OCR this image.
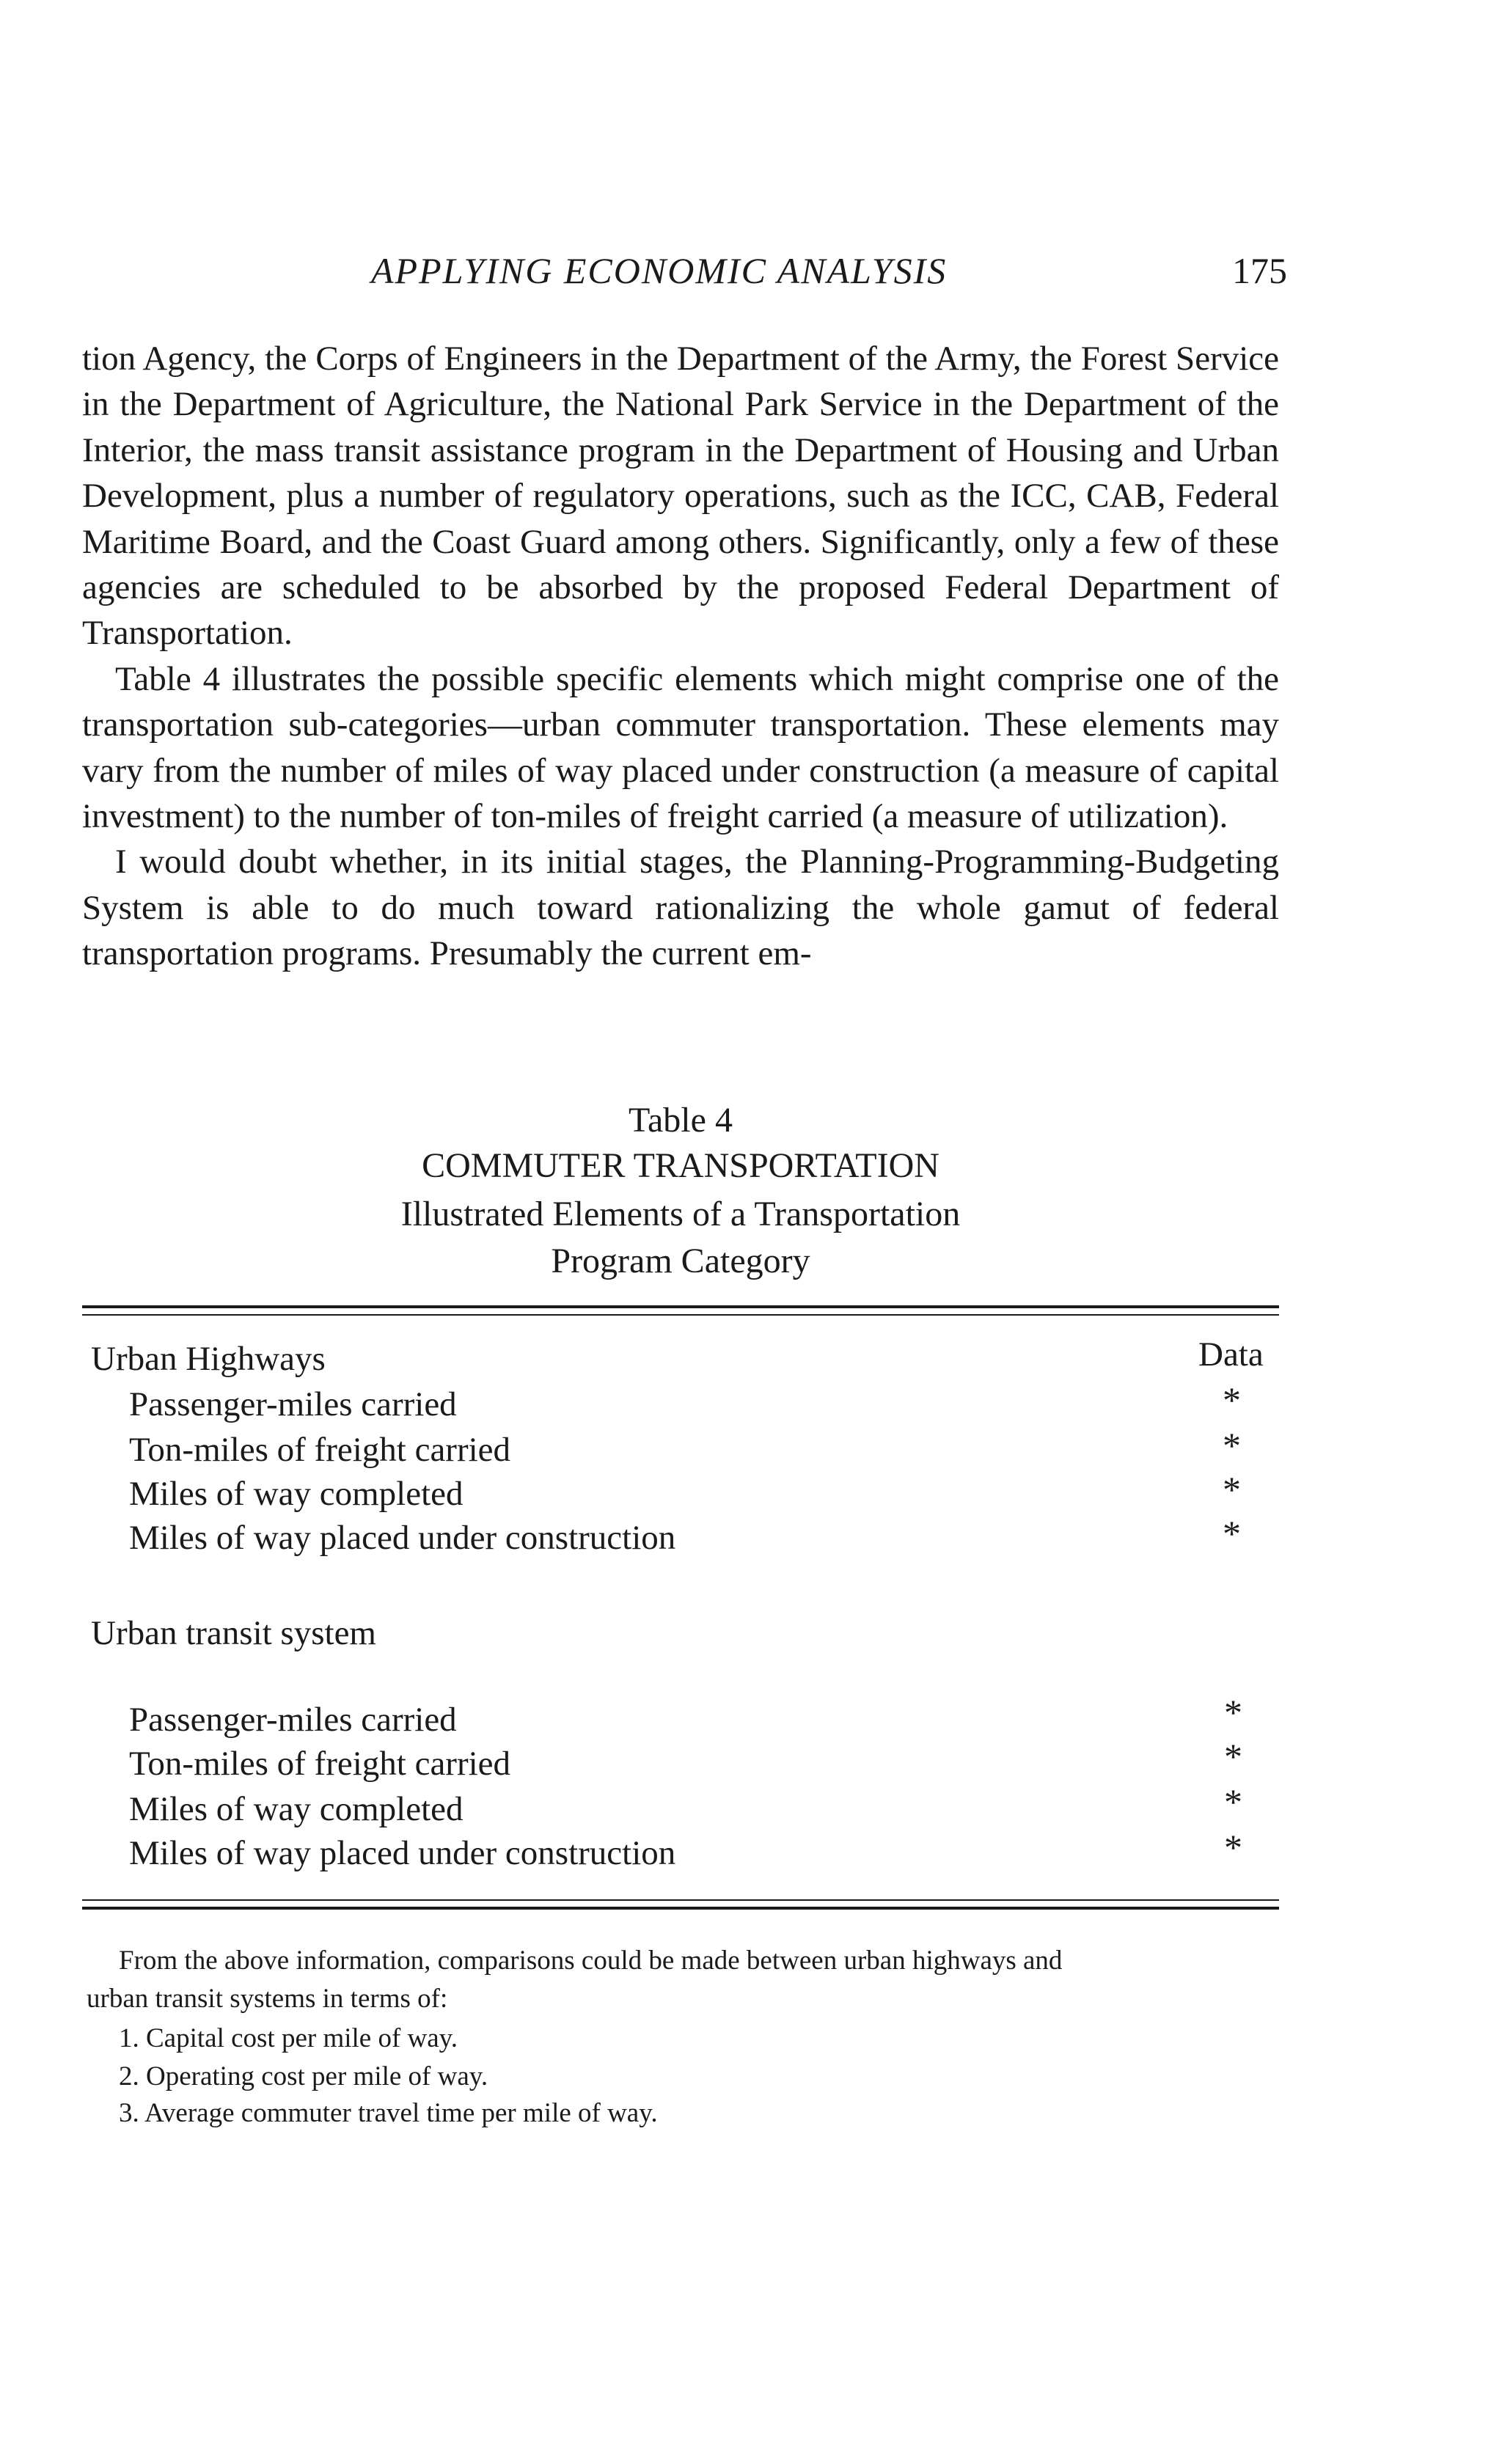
APPLYING ECONOMIC ANALYSIS	175

tion Agency, the Corps of Engineers in the Department of the Army, the Forest Service in the Department of Agriculture, the National Park Service in the Department of the Interior, the mass transit assistance program in the Department of Housing and Urban Development, plus a number of regulatory operations, such as the ICC, CAB, Federal Maritime Board, and the Coast Guard among others. Significantly, only a few of these agencies are scheduled to be absorbed by the proposed Federal Department of Transportation.

Table 4 illustrates the possible specific elements which might comprise one of the transportation sub-categories—urban commuter transportation. These elements may vary from the number of miles of way placed under construction (a measure of capital investment) to the number of ton-miles of freight carried (a measure of utilization).

I would doubt whether, in its initial stages, the Planning-Programming-Budgeting System is able to do much toward rationalizing the whole gamut of federal transportation programs. Presumably the current em-

Table 4
COMMUTER TRANSPORTATION
Illustrated Elements of a Transportation
Program Category
Urban Highways	Data
Passenger-miles carried	*
Ton-miles of freight carried	*
Miles of way completed	*
Miles of way placed under construction	*
Urban transit system
Passenger-miles carried	*
Ton-miles of freight carried	*
Miles of way completed	*
Miles of way placed under construction	*
From the above information, comparisons could be made between urban highways and
urban transit systems in terms of:
1. Capital cost per mile of way.
2. Operating cost per mile of way.
3. Average commuter travel time per mile of way.
